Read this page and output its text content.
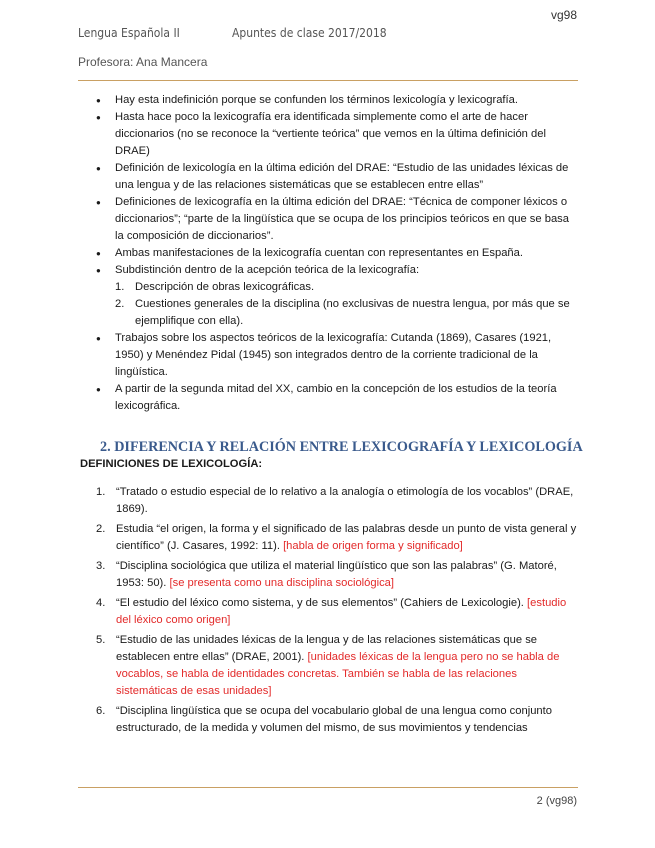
vg98
Lengua Española II	Apuntes de clase 2017/2018
Profesora: Ana Mancera
● Hay esta indefinición porque se confunden los términos lexicología y lexicografía.
● Hasta hace poco la lexicografía era identificada simplemente como el arte de hacer diccionarios (no se reconoce la “vertiente teórica” que vemos en la última definición del DRAE)
● Definición de lexicología en la última edición del DRAE: “Estudio de las unidades léxicas de una lengua y de las relaciones sistemáticas que se establecen entre ellas”
● Definiciones de lexicografía en la última edición del DRAE: “Técnica de componer léxicos o diccionarios”; “parte de la lingüística que se ocupa de los principios teóricos en que se basa la composición de diccionarios”.
● Ambas manifestaciones de la lexicografía cuentan con representantes en España.
● Subdistinción dentro de la acepción teórica de la lexicografía:
1. Descripción de obras lexicográficas.
2. Cuestiones generales de la disciplina (no exclusivas de nuestra lengua, por más que se ejemplifique con ella).
● Trabajos sobre los aspectos teóricos de la lexicografía: Cutanda (1869), Casares (1921, 1950) y Menéndez Pidal (1945) son integrados dentro de la corriente tradicional de la lingüística.
● A partir de la segunda mitad del XX, cambio en la concepción de los estudios de la teoría lexicográfica.
2. DIFERENCIA Y RELACIÓN ENTRE LEXICOGRAFÍA Y LEXICOLOGÍA
DEFINICIONES DE LEXICOLOGÍA:
1. “Tratado o estudio especial de lo relativo a la analogía o etimología de los vocablos” (DRAE, 1869).
2. Estudia “el origen, la forma y el significado de las palabras desde un punto de vista general y científico” (J. Casares, 1992: 11). [habla de origen forma y significado]
3. “Disciplina sociológica que utiliza el material lingüístico que son las palabras” (G. Matoré, 1953: 50). [se presenta como una disciplina sociológica]
4. “El estudio del léxico como sistema, y de sus elementos” (Cahiers de Lexicologie). [estudio del léxico como origen]
5. “Estudio de las unidades léxicas de la lengua y de las relaciones sistemáticas que se establecen entre ellas” (DRAE, 2001). [unidades léxicas de la lengua pero no se habla de vocablos, se habla de identidades concretas. También se habla de las relaciones sistemáticas de esas unidades]
6. “Disciplina lingüística que se ocupa del vocabulario global de una lengua como conjunto estructurado, de la medida y volumen del mismo, de sus movimientos y tendencias
2 (vg98)
